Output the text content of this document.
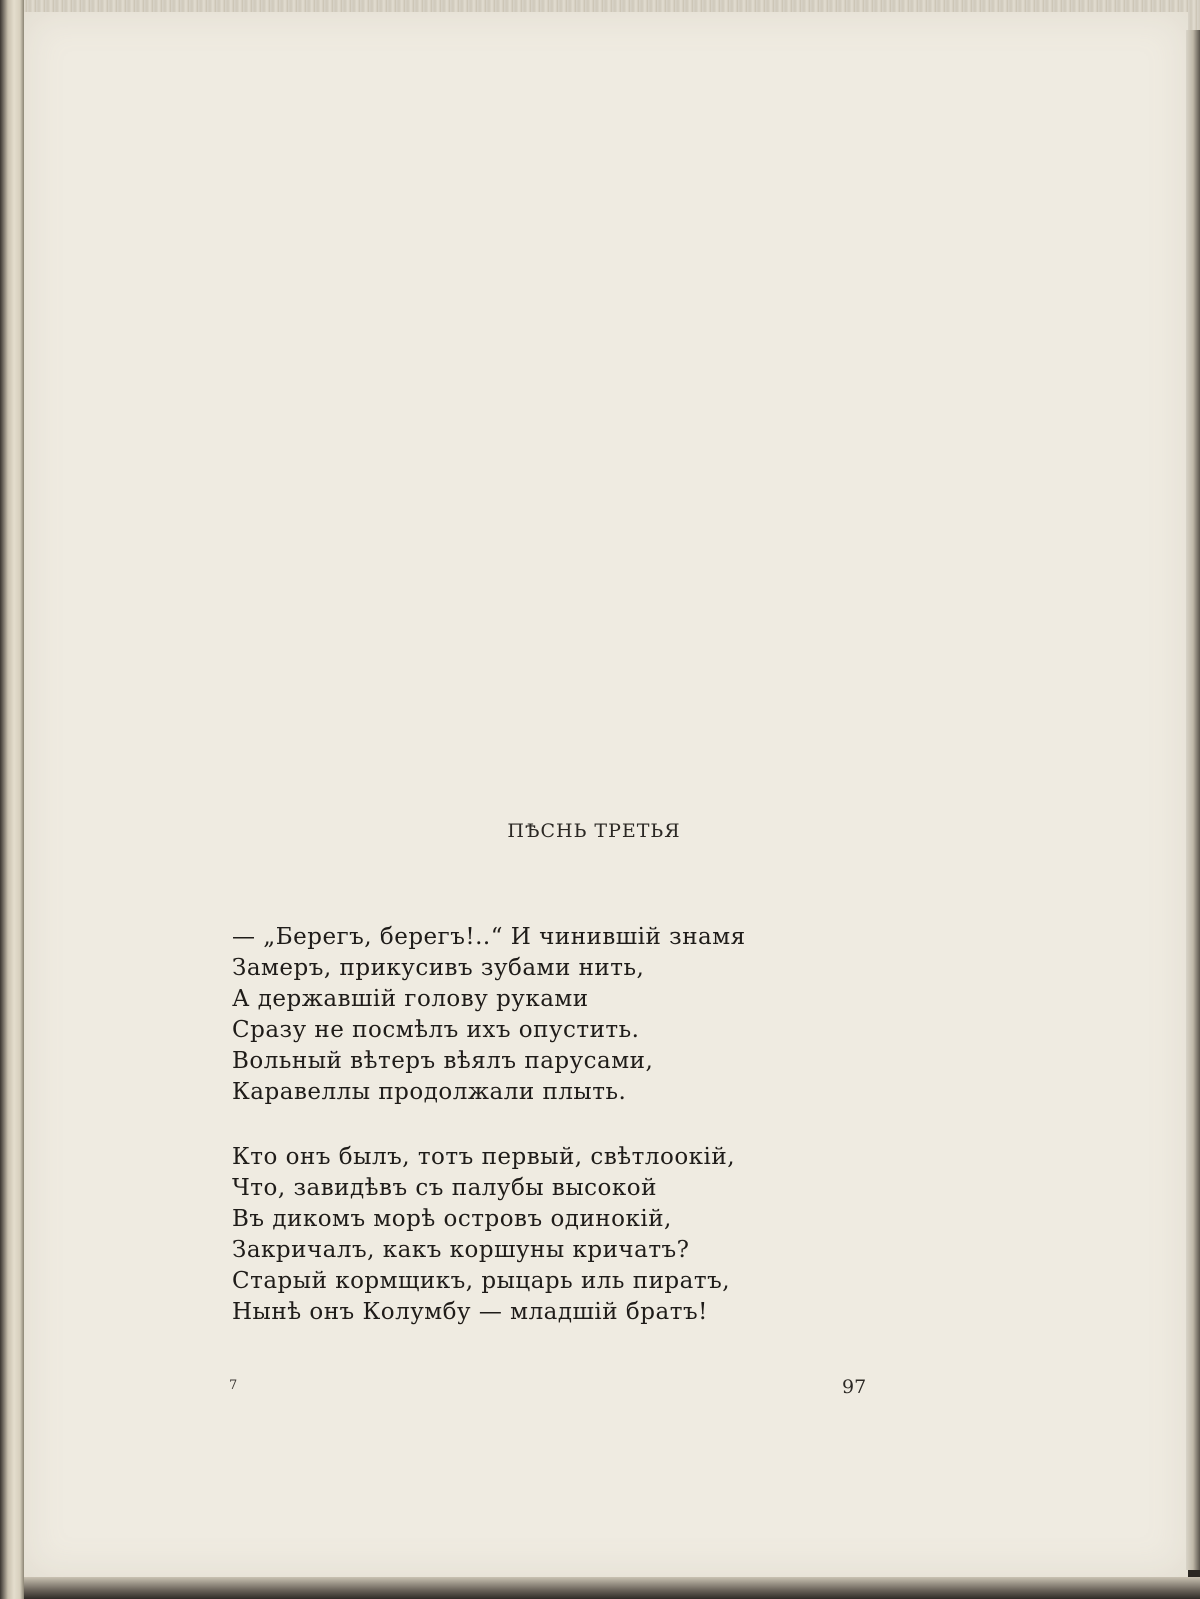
ПѢСНЬ ТРЕТЬЯ
— „Берегъ, берегъ!..“ И чинившій знамя
Замеръ, прикусивъ зубами нить,
А державшій голову руками
Сразу не посмѣлъ ихъ опустить.
Вольный вѣтеръ вѣялъ парусами,
Каравеллы продолжали плыть.
Кто онъ былъ, тотъ первый, свѣтлоокій,
Что, завидѣвъ съ палубы высокой
Въ дикомъ морѣ островъ одинокій,
Закричалъ, какъ коршуны кричатъ?
Старый кормщикъ, рыцарь иль пиратъ,
Нынѣ онъ Колумбу — младшій братъ!
7	97
